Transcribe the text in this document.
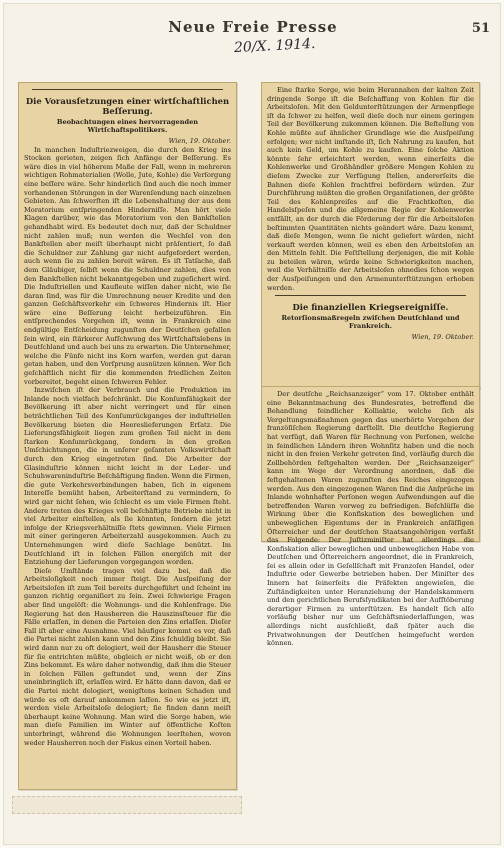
Neue Freie Presse	51
20/X. 1914.
Die Vorausſetzungen einer wirtſchaftlichen Beſſerung.
Beobachtungen eines hervorragenden Wirtſchaftspolitikers.
Wien, 19. Oktober.

In manchen Induſtriezweigen, die durch den Krieg ins Stocken gerieten, zeigen ſich Anfänge der Beſſerung. Es wäre dies in viel höherem Maße der Fall, wenn in mehreren wichtigen Rohmaterialien (Wolle, Jute, Kohle) die Verſorgung eine beſſere wäre. Sehr hinderlich ſind auch die noch immer vorhandenen Störungen in der Warenſendung nach einzelnen Gebieten. Am ſchwerſten iſt die Lebenshaltung der aus dem Moratorium entſpringenden Hinderniſſe. Man hört viele Klagen darüber, wie das Moratorium von den Bankſtellen gehandhabt wird. Es bedeutet doch nur, daß der Schuldner nicht zahlen muß; nun werden die Wechſel von den Bankſtellen aber meiſt überhaupt nicht präſentiert, ſo daß die Schuldner zur Zahlung gar nicht aufgefordert werden, auch wenn ſie zu zahlen bereit wären. Es iſt Tatſache, daß dem Gläubiger, ſelbſt wenn die Schuldner zahlen, dies von den Bankſtellen nicht bekanntgegeben und zugeſichert wird. Die Induſtriellen und Kaufleute wiſſen daher nicht, wie ſie daran ſind, was für die Umrechnung neuer Kredite und den ganzen Geſchäftsverkehr ein ſchweres Hindernis iſt. Hier wäre eine Beſſerung leicht herbeizuführen. Ein entſprechendes Vorgehen iſt, wenn in Frankreich eine endgültige Entſcheidung zugunſten der Deutſchen gefallen ſein wird, ein ſtärkerer Aufſchwung des Wirtſchaftslebens in Deutſchland und auch bei uns zu erwarten. Die Unternehmer, welche die Fünfe nicht ins Korn warfen, werden gut daran getan haben, und den Vorſprung ausnützen können. Wer ſich geſchäftlich nicht für die kommenden friedlichen Zeiten vorbereitet, begeht einen ſchweren Fehler.

Inzwiſchen iſt der Verbrauch und die Produktion im Inlande noch vielfach beſchränkt. Die Konſumfähigkeit der Bevölkerung iſt aber nicht verringert und für einen beträchtlichen Teil des Konſumrückganges der induſtriellen Bevölkerung bieten die Heereslieferungen Erſatz. Die Lieferungsfähigkeit liegen zum großen Teil nicht in dem ſtarken Konſumrückgang, ſondern in den großen Umſchichtungen, die in unſerer geſamten Volkswirtſchaft durch den Krieg eingetreten ſind. Die Arbeiter der Glasinduſtrie können nicht leicht in der Leder- und Schuhwareninduſtrie Beſchäftigung finden. Wenn die Firmen, die gute Verkehrsverbindungen haben, ſich in eigenem Intereſſe bemüht haben, Arbeiterſtand zu vermindern, ſo wird gar nicht ſehen, wie ſchlecht es um viele Firmen ſteht. Andere treten des Krieges voll beſchäftigte Betriebe nicht in viel Arbeiter einſtellen, als ſie könnten, ſondern die jetzt infolge der Kriegsverhältniſſe ſtets gewinnen. Viele Firmen mit einer geringeren Arbeiterzahl ausgekommen. Auch zu Unternehmungen wird dieſe Sachlage benützt. Im Deutſchland iſt in ſolchen Fällen energiſch mit der Entziehung der Lieferungen vorgegangen worden.

Dieſe Umſtände tragen viel dazu bei, daß die Arbeitsloſigkeit noch immer ſteigt. Die Ausſpeiſung der Arbeitsloſen iſt zum Teil bereits durchgeführt und ſcheint im ganzen richtig organiſiert zu ſein. Zwei ſchwierige Fragen aber ſind ungelöſt: die Wohnungs- und die Kohlenfrage. Die Regierung hat den Hausherren die Hauszinsſteuer für die Fälle erlaſſen, in denen die Parteien den Zins erlaſſen. Dieſer Fall iſt aber eine Ausnahme. Viel häufiger kommt es vor, daß die Partei nicht zahlen kann und den Zins ſchuldig bleibt. Sie wird dann nur zu oft delogiert, weil der Hausherr die Steuer für ſie entrichten müßte, obgleich er nicht weiß, ob er den Zins bekommt. Es wäre daher notwendig, daß ihm die Steuer in ſolchen Fällen geſtundet und, wenn der Zins uneinbringlich iſt, erlaſſen wird. Er hätte dann davon, daß er die Partei nicht delogiert, wenigſtens keinen Schaden und würde es oft darauf ankommen laſſen. So wie es jetzt iſt, werden viele Arbeitsloſe delogiert; ſie finden dann meiſt überhaupt keine Wohnung. Man wird die Sorge haben, wie man dieſe Familien im Winter auf öffentliche Koſten unterbringt, während die Wohnungen leerſtehen, wovon weder Hausherren noch der Fiskus einen Vorteil haben.

Eine ſtarke Sorge, wie beim Herannahen der kalten Zeit dringende Sorge iſt die Beſchaffung von Kohlen für die Arbeitsloſen. Mit den Geldunterſtützungen der Armenpflege iſt da ſchwer zu helfen, weil dieſe doch nur einem geringen Teil der Bevölkerung zukommen können. Die Beſtellung von Kohle müßte auf ähnlicher Grundlage wie die Ausſpeiſung erfolgen; wer nicht imſtande iſt, ſich Nahrung zu kaufen, hat auch kein Geld, um Kohle zu kaufen. Eine ſolche Aktion könnte ſehr erleichtert werden, wenn einerſeits die Kohlenwerke und Großhändler größere Mengen Kohlen zu dieſem Zwecke zur Verfügung ſtellen, andererſeits die Bahnen dieſe Kohlen frachtfrei befördern würden. Zur Durchführung müßten die großen Organiſationen, der größte Teil des Kohlenpreiſes auf die Frachtkoſten, die Handelsſpeſen und die allgemeine Regie der Kohlenwerke entfällt, an der durch die Förderung der für die Arbeitsloſen beſtimmten Quantitäten nichts geändert wäre. Dazu kommt, daß dieſe Mengen, wenn ſie nicht geliefert würden, nicht verkauft werden können, weil es eben den Arbeitsloſen an den Mitteln fehlt. Die Feſtſtellung derjenigen, die mit Kohle zu beteilen wären, würde keine Schwierigkeiten machen, weil die Verhältniſſe der Arbeitsloſen ohnedies ſchon wegen der Ausſpeiſungen und den Armenunterſtützungen erhoben werden.

Die finanziellen Kriegsereigniſſe.
Retorſionsmaßregeln zwiſchen Deutſchland und Frankreich.
Wien, 19. Oktober.

Der deutſche „Reichsanzeiger“ vom 17. Oktober enthält eine Bekanntmachung des Bundesrates, betreffend die Behandlung feindlicher Kolliaktie, welche ſich als Vergeltungsmaßnahmen gegen das unerhörte Vorgehen der franzöſiſchen Regierung darſtellt. Die deutſche Regierung hat verfügt, daß Waren für Rechnung von Perſonen, welche in feindlichen Ländern ihren Wohnſitz haben und die noch nicht in den freien Verkehr getreten ſind, vorläufig durch die Zollbehörden feſtgehalten werden. Der „Reichsanzeiger“ kann im Wege der Verordnung anordnen, daß die feſtgehaltenen Waren zugunſten des Reiches eingezogen werden. Aus den eingezogenen Waren ſind die Anſprüche im Inlande wohnhafter Perſonen wegen Aufwendungen auf die betreffenden Waren vorweg zu befriedigen. Beſchlüſſe die Wirkung über die Konfiskation des beweglichen und unbeweglichen Eigentums der in Frankreich anſäſſigen Öſterreicher und der deutſchen Staatsangehörigen verfaßt das Folgende: Der Juſtizminiſter hat allerdings die Konfiskation aller beweglichen und unbeweglichen Habe von Deutſchen und Öſterreichern angeordnet, die in Frankreich, ſei es allein oder in Geſellſchaft mit Franzoſen Handel, oder Induſtrie oder Gewerbe betrieben haben. Der Miniſter des Innern hat ſeinerſeits die Präfekten angewieſen, die Zuſtändigkeiten unter Heranziehung der Handelskammern und den gerichtlichen Berufsſyndikaten bei der Aufſtöberung derartiger Firmen zu unterſtützen. Es handelt ſich alſo vorläufig bisher nur um Geſchäftsniederlaſſungen, was allerdings nicht ausſchließt, daß ſpäter auch die Privatwohnungen der Deutſchen heimgeſucht werden können.
